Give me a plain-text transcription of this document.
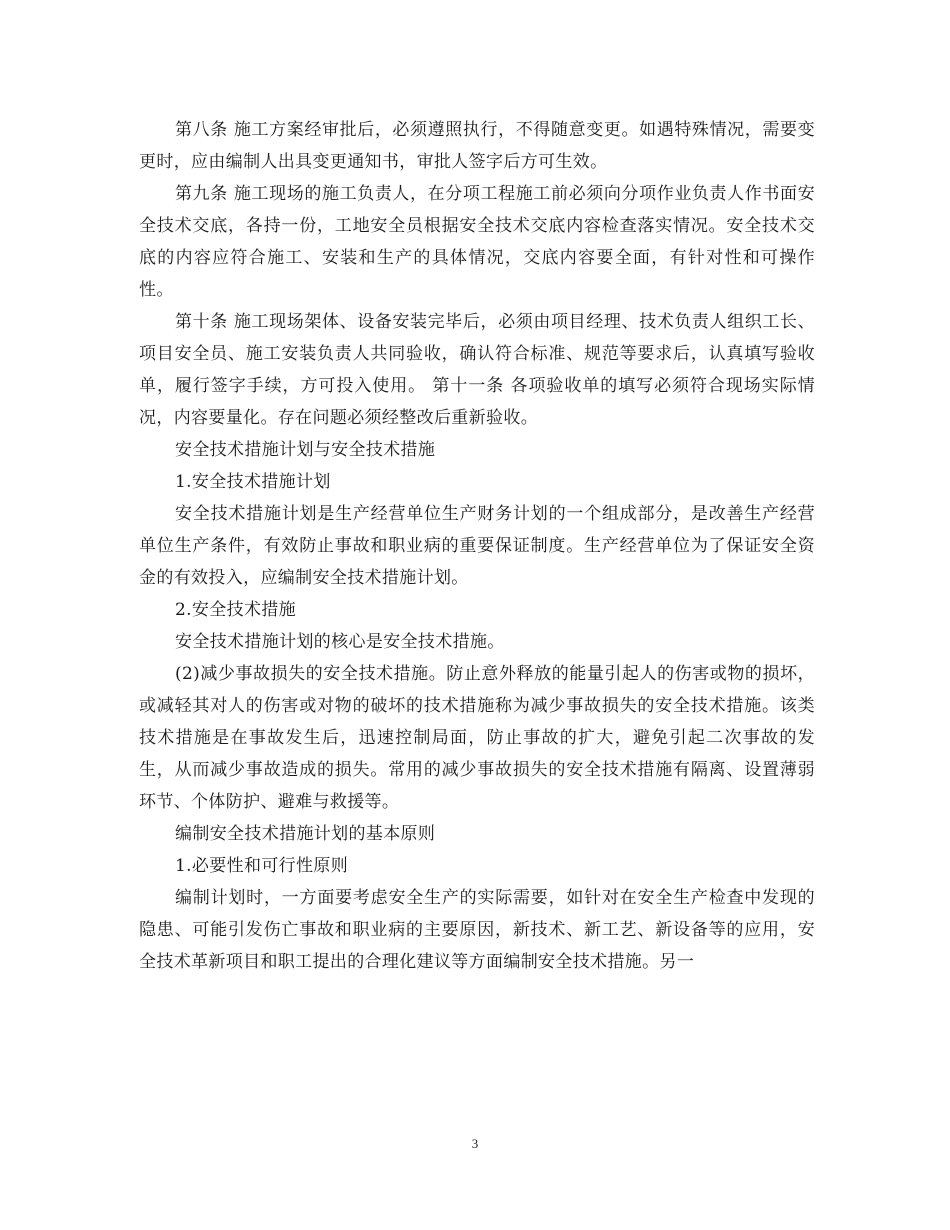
第八条 施工方案经审批后，必须遵照执行，不得随意变更。如遇特殊情况，需要变更时，应由编制人出具变更通知书，审批人签字后方可生效。

第九条 施工现场的施工负责人，在分项工程施工前必须向分项作业负责人作书面安全技术交底，各持一份，工地安全员根据安全技术交底内容检查落实情况。安全技术交底的内容应符合施工、安装和生产的具体情况，交底内容要全面，有针对性和可操作性。

第十条 施工现场架体、设备安装完毕后，必须由项目经理、技术负责人组织工长、项目安全员、施工安装负责人共同验收，确认符合标准、规范等要求后，认真填写验收单，履行签字手续，方可投入使用。 第十一条 各项验收单的填写必须符合现场实际情况，内容要量化。存在问题必须经整改后重新验收。

安全技术措施计划与安全技术措施

1.安全技术措施计划

安全技术措施计划是生产经营单位生产财务计划的一个组成部分，是改善生产经营单位生产条件，有效防止事故和职业病的重要保证制度。生产经营单位为了保证安全资金的有效投入，应编制安全技术措施计划。

2.安全技术措施

安全技术措施计划的核心是安全技术措施。

(2)减少事故损失的安全技术措施。防止意外释放的能量引起人的伤害或物的损坏，或减轻其对人的伤害或对物的破坏的技术措施称为减少事故损失的安全技术措施。该类技术措施是在事故发生后，迅速控制局面，防止事故的扩大，避免引起二次事故的发生，从而减少事故造成的损失。常用的减少事故损失的安全技术措施有隔离、设置薄弱环节、个体防护、避难与救援等。

编制安全技术措施计划的基本原则

1.必要性和可行性原则

编制计划时，一方面要考虑安全生产的实际需要，如针对在安全生产检查中发现的隐患、可能引发伤亡事故和职业病的主要原因，新技术、新工艺、新设备等的应用，安全技术革新项目和职工提出的合理化建议等方面编制安全技术措施。另一

3
